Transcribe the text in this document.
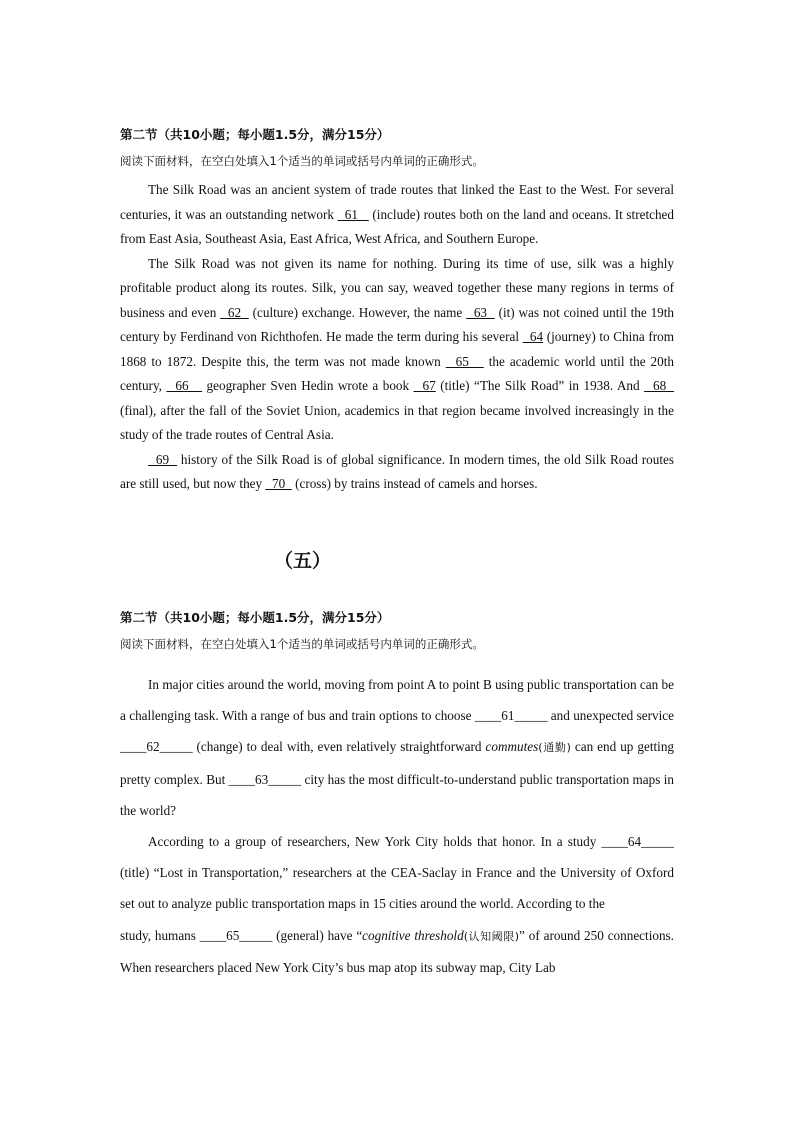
第二节（共10小题；每小题1.5分，满分15分）
阅读下面材料，在空白处填入1个适当的单词或括号内单词的正确形式。
The Silk Road was an ancient system of trade routes that linked the East to the West. For several centuries, it was an outstanding network   61    (include) routes both on the land and oceans. It stretched from East Asia, Southeast Asia, East Africa, West Africa, and Southern Europe.
The Silk Road was not given its name for nothing. During its time of use, silk was a highly profitable product along its routes. Silk, you can say, weaved together these many regions in terms of business and even   62   (culture) exchange. However, the name   63   (it) was not coined until the 19th century by Ferdinand von Richthofen. He made the term during his several   64 (journey) to China from 1868 to 1872. Despite this, the term was not made known   65    the academic world until the 20th century,   66    geographer Sven Hedin wrote a book   67 (title) “The Silk Road” in 1938. And   68   (final), after the fall of the Soviet Union, academics in that region became involved increasingly in the study of the trade routes of Central Asia.
69   history of the Silk Road is of global significance. In modern times, the old Silk Road routes are still used, but now they   70   (cross) by trains instead of camels and horses.
（五）
第二节（共10小题；每小题1.5分，满分15分）
阅读下面材料，在空白处填入1个适当的单词或括号内单词的正确形式。
In major cities around the world, moving from point A to point B using public transportation can be a challenging task. With a range of bus and train options to choose ____61_____ and unexpected service ____62_____ (change) to deal with, even relatively straightforward commutes(通勤) can end up getting pretty complex. But ____63_____ city has the most difficult-to-understand public transportation maps in the world?
According to a group of researchers, New York City holds that honor. In a study ____64_____ (title) “Lost in Transportation,” researchers at the CEA-Saclay in France and the University of Oxford set out to analyze public transportation maps in 15 cities around the world. According to the
study, humans ____65_____ (general) have “cognitive threshold(认知阈限)” of around 250 connections. When researchers placed New York City’s bus map atop its subway map, City Lab
